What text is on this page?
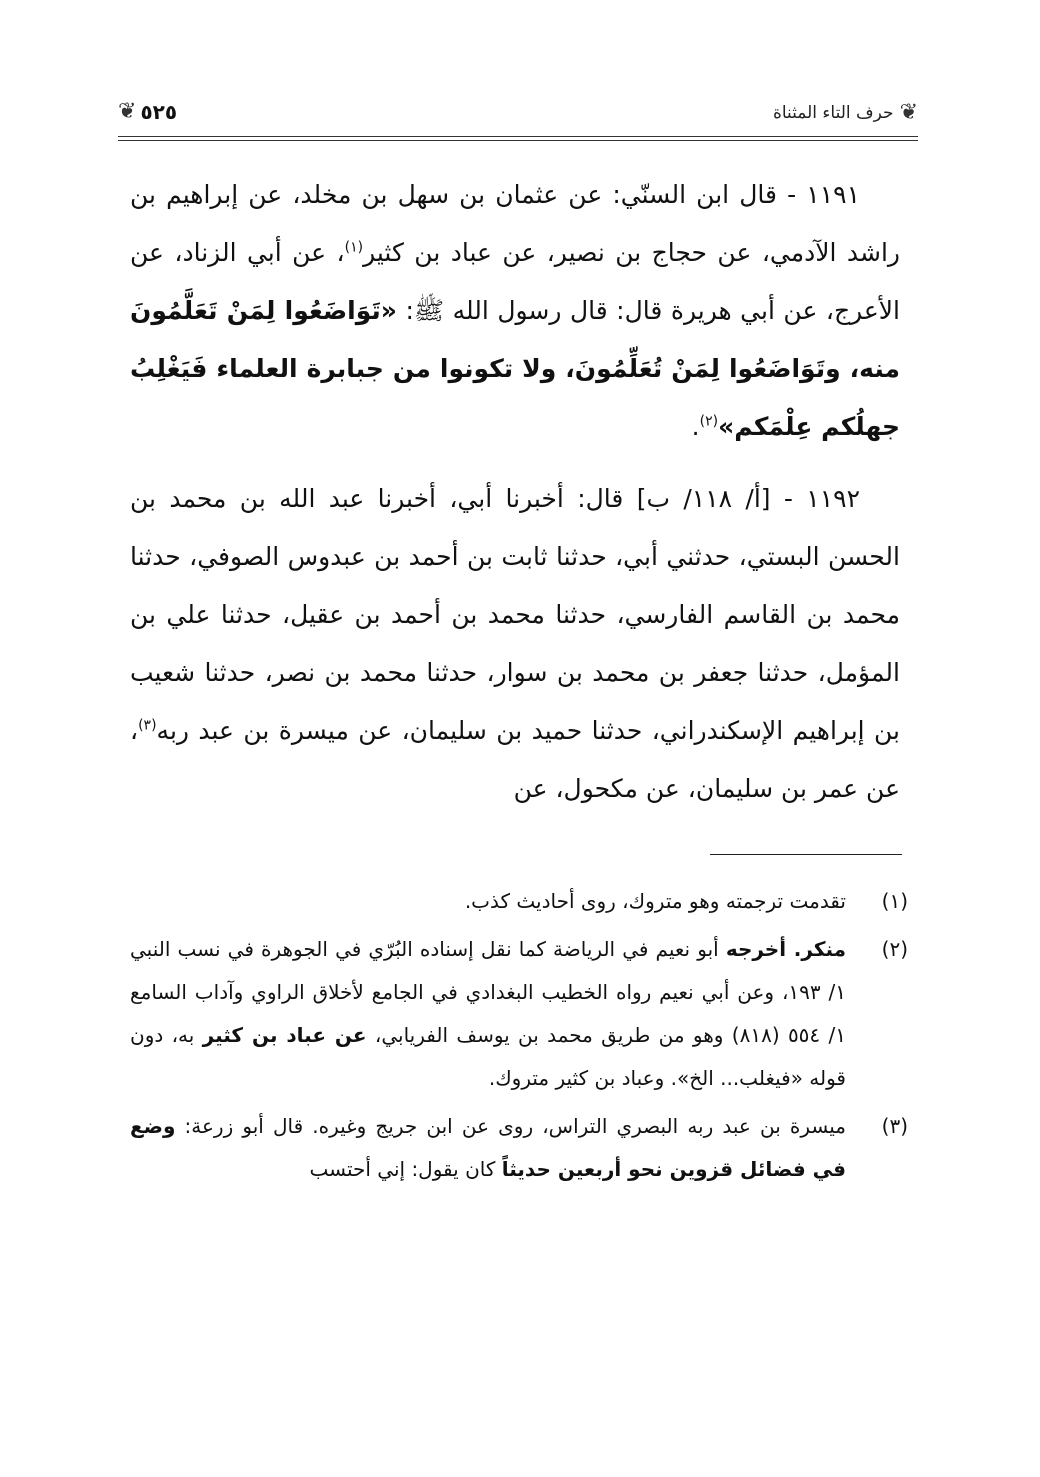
❦
حرف التاء المثناة
٥٢٥
❦

١١٩١ - قال ابن السنّي: عن عثمان بن سهل بن مخلد، عن إبراهيم بن راشد الآدمي، عن حجاج بن نصير، عن عباد بن كثير$^{(١)}$، عن أبي الزناد، عن الأعرج، عن أبي هريرة قال: قال رسول الله ﷺ: «تَوَاضَعُوا لِمَنْ تَعَلَّمُونَ منه، وتَوَاضَعُوا لِمَنْ تُعَلِّمُونَ، ولا تكونوا من جبابرة العلماء فَيَغْلِبُ جهلُكم عِلْمَكم»$^{(٢)}$.

١١٩٢ - [أ/ ١١٨/ ب] قال: أخبرنا أبي، أخبرنا عبد الله بن محمد بن الحسن البستي، حدثني أبي، حدثنا ثابت بن أحمد بن عبدوس الصوفي، حدثنا محمد بن القاسم الفارسي، حدثنا محمد بن أحمد بن عقيل، حدثنا علي بن المؤمل، حدثنا جعفر بن محمد بن سوار، حدثنا محمد بن نصر، حدثنا شعيب بن إبراهيم الإسكندراني، حدثنا حميد بن سليمان، عن ميسرة بن عبد ربه$^{(٣)}$، عن عمر بن سليمان، عن مكحول، عن

(١)
تقدمت ترجمته وهو متروك، روى أحاديث كذب.
(٢)
منكر. أخرجه أبو نعيم في الرياضة كما نقل إسناده البُرّي في الجوهرة في نسب النبي ١/ ١٩٣، وعن أبي نعيم رواه الخطيب البغدادي في الجامع لأخلاق الراوي وآداب السامع ١/ ٥٥٤ (٨١٨) وهو من طريق محمد بن يوسف الفريابي، عن عباد بن كثير به، دون قوله «فيغلب... الخ». وعباد بن كثير متروك.
(٣)
ميسرة بن عبد ربه البصري التراس، روى عن ابن جريج وغيره. قال أبو زرعة: وضع في فضائل قزوين نحو أربعين حديثاً كان يقول: إني أحتسب
